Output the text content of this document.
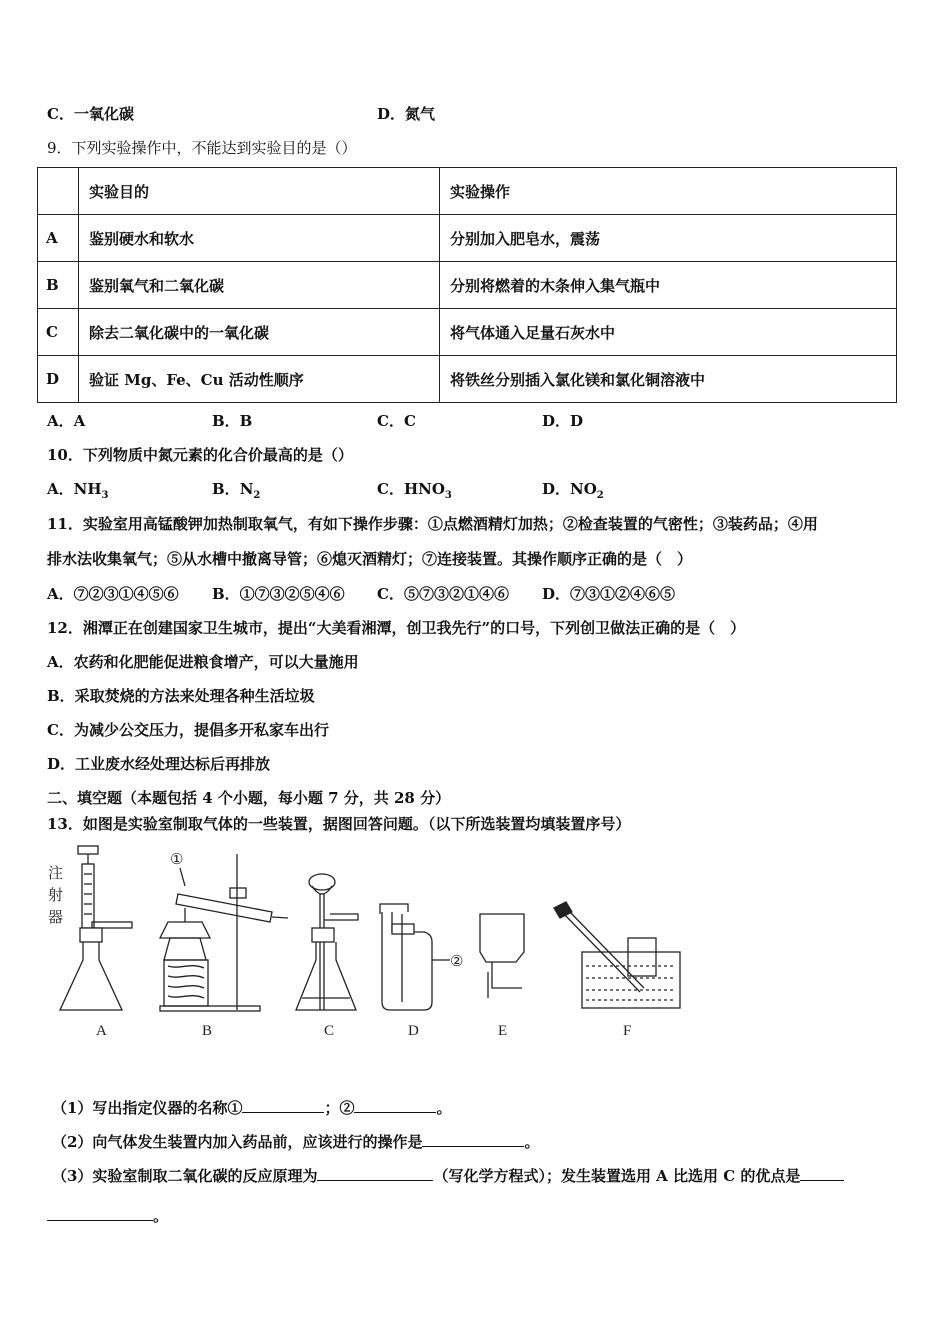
C．一氧化碳	D．氮气
9．下列实验操作中，不能达到实验目的是（）
	实验目的	实验操作
A	鉴别硬水和软水	分别加入肥皂水，震荡
B	鉴别氧气和二氧化碳	分别将燃着的木条伸入集气瓶中
C	除去二氧化碳中的一氧化碳	将气体通入足量石灰水中
D	验证 Mg、Fe、Cu 活动性顺序	将铁丝分别插入氯化镁和氯化铜溶液中
A．A	B．B	C．C	D．D
10．下列物质中氮元素的化合价最高的是（）
A．$NH_3$	B．$N_2$	C．$HNO_3$	D．$NO_2$
11．实验室用高锰酸钾加热制取氧气，有如下操作步骤：①点燃酒精灯加热；②检查装置的气密性；③装药品；④用
排水法收集氧气；⑤从水槽中撤离导管；⑥熄灭酒精灯；⑦连接装置。其操作顺序正确的是（　）
A．⑦②③①④⑤⑥ B．①⑦③②⑤④⑥ C．⑤⑦③②①④⑥ D．⑦③①②④⑥⑤
12．湘潭正在创建国家卫生城市，提出“大美看湘潭，创卫我先行”的口号，下列创卫做法正确的是（　）
A．农药和化肥能促进粮食增产，可以大量施用
B．采取焚烧的方法来处理各种生活垃圾
C．为减少公交压力，提倡多开私家车出行
D．工业废水经处理达标后再排放
二、填空题（本题包括 4 个小题，每小题 7 分，共 28 分）
13．如图是实验室制取气体的一些装置，据图回答问题。（以下所选装置均填装置序号）
注
射
器
①
②
A	B	C	D	E	F
（1）写出指定仪器的名称①	；②	。
（2）向气体发生装置内加入药品前，应该进行的操作是	。
（3）实验室制取二氧化碳的反应原理为	（写化学方程式）；发生装置选用 A 比选用 C 的优点是
。
